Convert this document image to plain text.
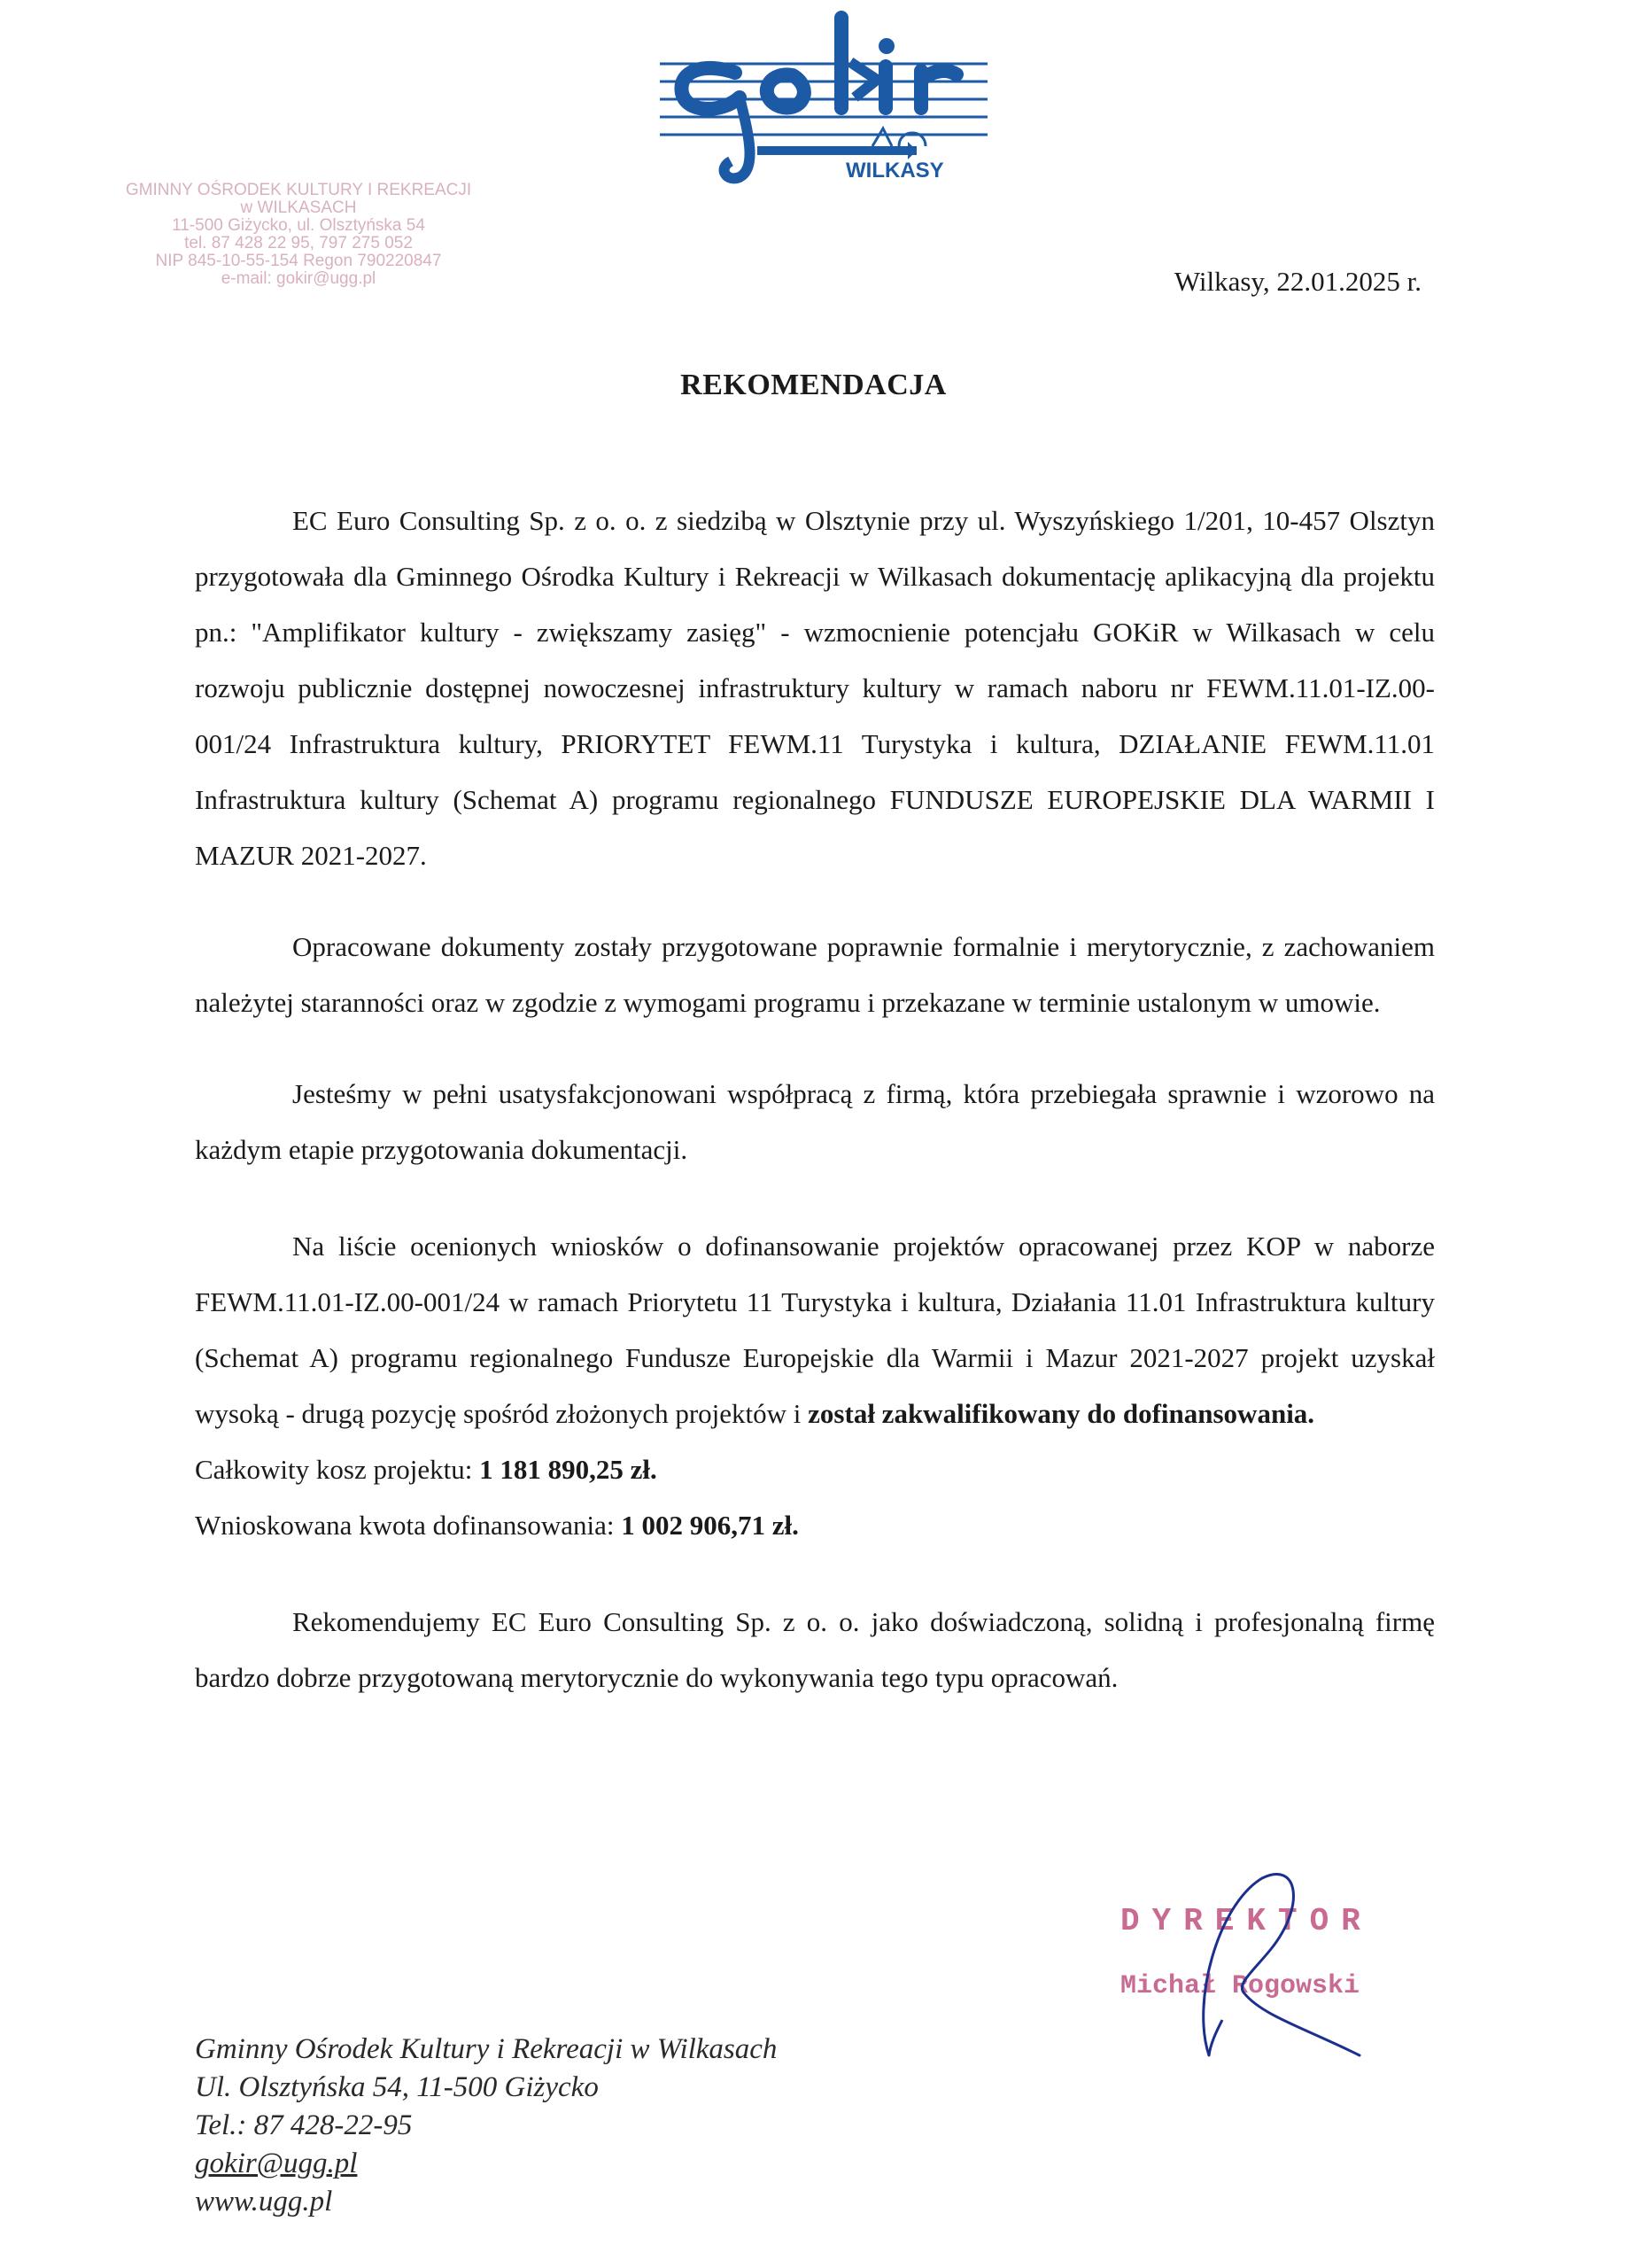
WILKASY
GMINNY OŚRODEK KULTURY I REKREACJI
w WILKASACH
11-500 Giżycko, ul. Olsztyńska 54
tel. 87 428 22 95, 797 275 052
NIP 845-10-55-154 Regon 790220847
e-mail: gokir@ugg.pl	Wilkasy, 22.01.2025 r.
REKOMENDACJA

EC Euro Consulting Sp. z o. o. z siedzibą w Olsztynie przy ul. Wyszyńskiego 1/201, 10-457 Olsztyn przygotowała dla Gminnego Ośrodka Kultury i Rekreacji w Wilkasach dokumentację aplikacyjną dla projektu pn.: "Amplifikator kultury - zwiększamy zasięg" - wzmocnienie potencjału GOKiR w Wilkasach w celu rozwoju publicznie dostępnej nowoczesnej infrastruktury kultury w ramach naboru nr FEWM.11.01-IZ.00-001/24 Infrastruktura kultury, PRIORYTET FEWM.11 Turystyka i kultura, DZIAŁANIE FEWM.11.01 Infrastruktura kultury (Schemat A) programu regionalnego FUNDUSZE EUROPEJSKIE DLA WARMII I MAZUR 2021-2027.

Opracowane dokumenty zostały przygotowane poprawnie formalnie i merytorycznie, z zachowaniem należytej staranności oraz w zgodzie z wymogami programu i przekazane w terminie ustalonym w umowie.

Jesteśmy w pełni usatysfakcjonowani współpracą z firmą, która przebiegała sprawnie i wzorowo na każdym etapie przygotowania dokumentacji.

Na liście ocenionych wniosków o dofinansowanie projektów opracowanej przez KOP w naborze FEWM.11.01-IZ.00-001/24 w ramach Priorytetu 11 Turystyka i kultura, Działania 11.01 Infrastruktura kultury (Schemat A) programu regionalnego Fundusze Europejskie dla Warmii i Mazur 2021-2027 projekt uzyskał wysoką - drugą pozycję spośród złożonych projektów i został zakwalifikowany do dofinansowania.

Całkowity kosz projektu: 1 181 890,25 zł.

Wnioskowana kwota dofinansowania: 1 002 906,71 zł.

Rekomendujemy EC Euro Consulting Sp. z o. o. jako doświadczoną, solidną i profesjonalną firmę bardzo dobrze przygotowaną merytorycznie do wykonywania tego typu opracowań.

DYREKTOR
Michał Rogowski
Gminny Ośrodek Kultury i Rekreacji w Wilkasach
Ul. Olsztyńska 54, 11-500 Giżycko
Tel.: 87 428-22-95
gokir@ugg.pl
www.ugg.pl
